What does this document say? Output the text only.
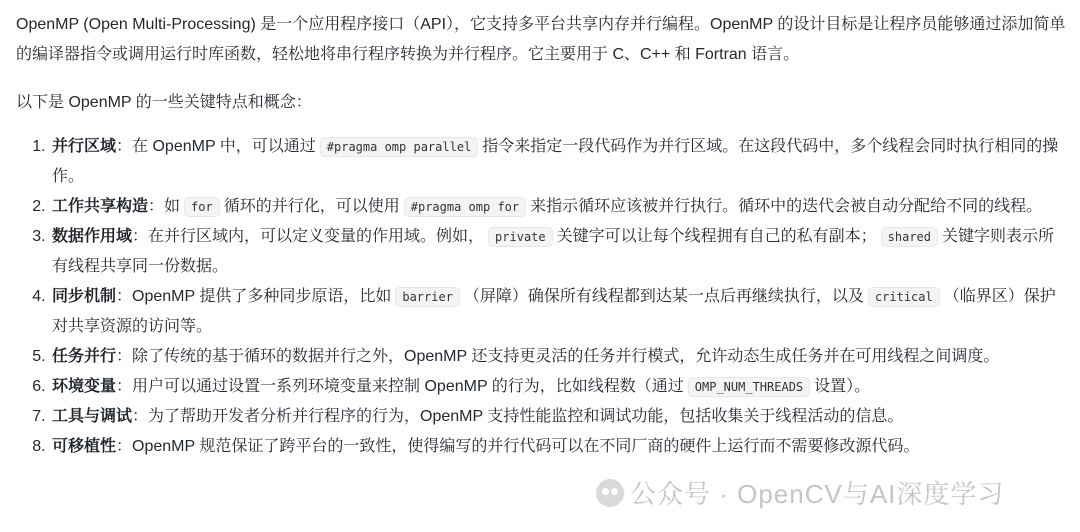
OpenMP (Open Multi-Processing) 是一个应用程序接口（API），它支持多平台共享内存并行编程。OpenMP 的设计目标是让程序员能够通过添加简单的编译器指令或调用运行时库函数，轻松地将串行程序转换为并行程序。它主要用于 C、C++ 和 Fortran 语言。

以下是 OpenMP 的一些关键特点和概念：

1. 并行区域：在 OpenMP 中，可以通过 #pragma omp parallel 指令来指定一段代码作为并行区域。在这段代码中，多个线程会同时执行相同的操作。
2. 工作共享构造：如 for 循环的并行化，可以使用 #pragma omp for 来指示循环应该被并行执行。循环中的迭代会被自动分配给不同的线程。
3. 数据作用域：在并行区域内，可以定义变量的作用域。例如， private 关键字可以让每个线程拥有自己的私有副本； shared 关键字则表示所有线程共享同一份数据。
4. 同步机制：OpenMP 提供了多种同步原语，比如 barrier （屏障）确保所有线程都到达某一点后再继续执行，以及 critical （临界区）保护对共享资源的访问等。
5. 任务并行：除了传统的基于循环的数据并行之外，OpenMP 还支持更灵活的任务并行模式，允许动态生成任务并在可用线程之间调度。
6. 环境变量：用户可以通过设置一系列环境变量来控制 OpenMP 的行为，比如线程数（通过 OMP_NUM_THREADS 设置）。
7. 工具与调试：为了帮助开发者分析并行程序的行为，OpenMP 支持性能监控和调试功能，包括收集关于线程活动的信息。
8. 可移植性：OpenMP 规范保证了跨平台的一致性，使得编写的并行代码可以在不同厂商的硬件上运行而不需要修改源代码。
公众号 · OpenCV与AI深度学习
